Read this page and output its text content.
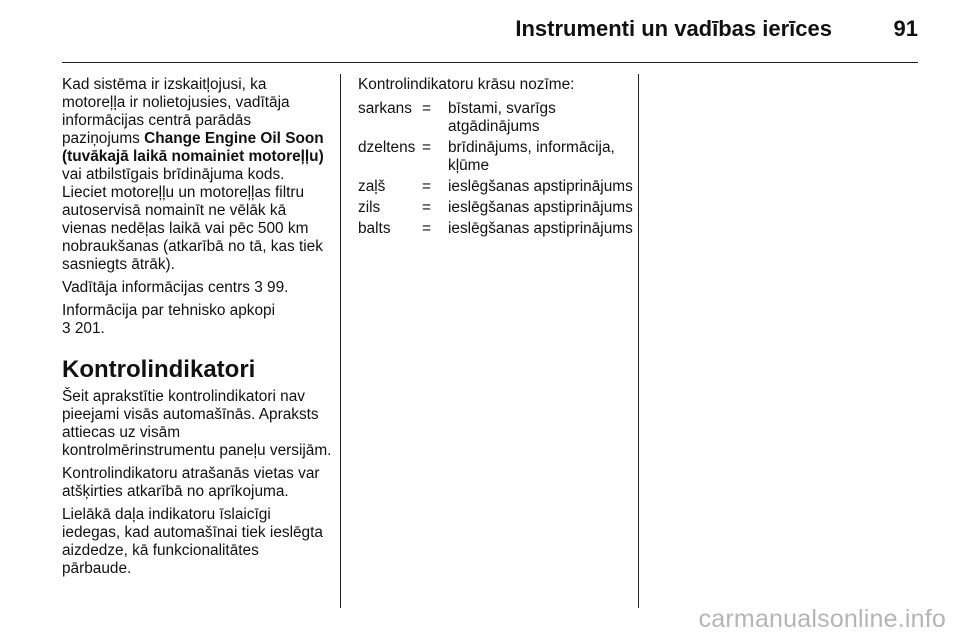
Instrumenti un vadības ierīces	91

Kad sistēma ir izskaitļojusi, ka motoreļļa ir nolietojusies, vadītāja informācijas centrā parādās paziņojums Change Engine Oil Soon (tuvākajā laikā nomainiet motoreļļu) vai atbilstīgais brīdinājuma kods. Lieciet motoreļļu un motoreļļas filtru autoservisā nomainīt ne vēlāk kā vienas nedēļas laikā vai pēc 500 km nobraukšanas (atkarībā no tā, kas tiek sasniegts ātrāk).

Vadītāja informācijas centrs 3 99.

Informācija par tehnisko apkopi
3 201.

Kontrolindikatori

Šeit aprakstītie kontrolindikatori nav pieejami visās automašīnās. Apraksts attiecas uz visām kontrolmērinstrumentu paneļu versijām.

Kontrolindikatoru atrašanās vietas var atšķirties atkarībā no aprīkojuma.

Lielākā daļa indikatoru īslaicīgi iedegas, kad automašīnai tiek ieslēgta aizdedze, kā funkcionalitātes pārbaude.

Kontrolindikatoru krāsu nozīme:

sarkans =	bīstami, svarīgs atgādinājums
dzeltens =	brīdinājums, informācija, kļūme
zaļš	=	ieslēgšanas apstiprinājums
zils	=	ieslēgšanas apstiprinājums
balts	=	ieslēgšanas apstiprinājums
carmanualsonline.info
